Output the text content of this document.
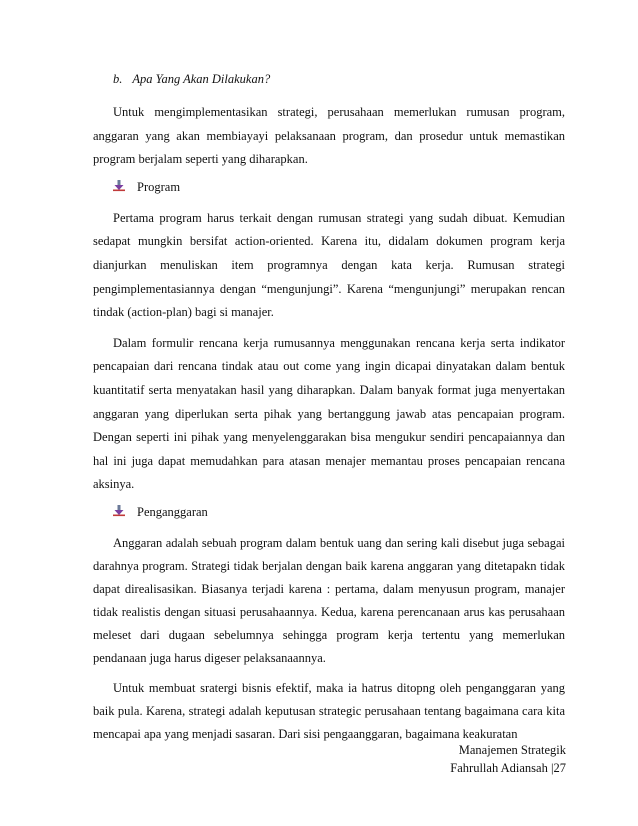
b. Apa Yang Akan Dilakukan?

Untuk mengimplementasikan strategi, perusahaan memerlukan rumusan program, anggaran yang akan membiayayi pelaksanaan program, dan prosedur untuk memastikan program berjalam seperti yang diharapkan.

Program

Pertama program harus terkait dengan rumusan strategi yang sudah dibuat. Kemudian sedapat mungkin bersifat action-oriented. Karena itu, didalam dokumen program kerja dianjurkan menuliskan item programnya dengan kata kerja. Rumusan strategi pengimplementasiannya dengan “mengunjungi”. Karena “mengunjungi” merupakan rencan tindak (action-plan) bagi si manajer.

Dalam formulir rencana kerja rumusannya menggunakan rencana kerja serta indikator pencapaian dari rencana tindak atau out come yang ingin dicapai dinyatakan dalam bentuk kuantitatif serta menyatakan hasil yang diharapkan. Dalam banyak format juga menyertakan anggaran yang diperlukan serta pihak yang bertanggung jawab atas pencapaian program. Dengan seperti ini pihak yang menyelenggarakan bisa mengukur sendiri pencapaiannya dan hal ini juga dapat memudahkan para atasan menajer memantau proses pencapaian rencana aksinya.

Penganggaran

Anggaran adalah sebuah program dalam bentuk uang dan sering kali disebut juga sebagai darahnya program. Strategi tidak berjalan dengan baik karena anggaran yang ditetapakn tidak dapat direalisasikan. Biasanya terjadi karena : pertama, dalam menyusun program, manajer tidak realistis dengan situasi perusahaannya. Kedua, karena perencanaan arus kas perusahaan meleset dari dugaan sebelumnya sehingga program kerja tertentu yang memerlukan pendanaan juga harus digeser pelaksanaannya.

Untuk membuat sratergi bisnis efektif, maka ia hatrus ditopng oleh penganggaran yang baik pula. Karena, strategi adalah keputusan strategic perusahaan tentang bagaimana cara kita mencapai apa yang menjadi sasaran. Dari sisi pengaanggaran, bagaimana keakuratan

Manajemen Strategik
Fahrullah Adiansah |27
